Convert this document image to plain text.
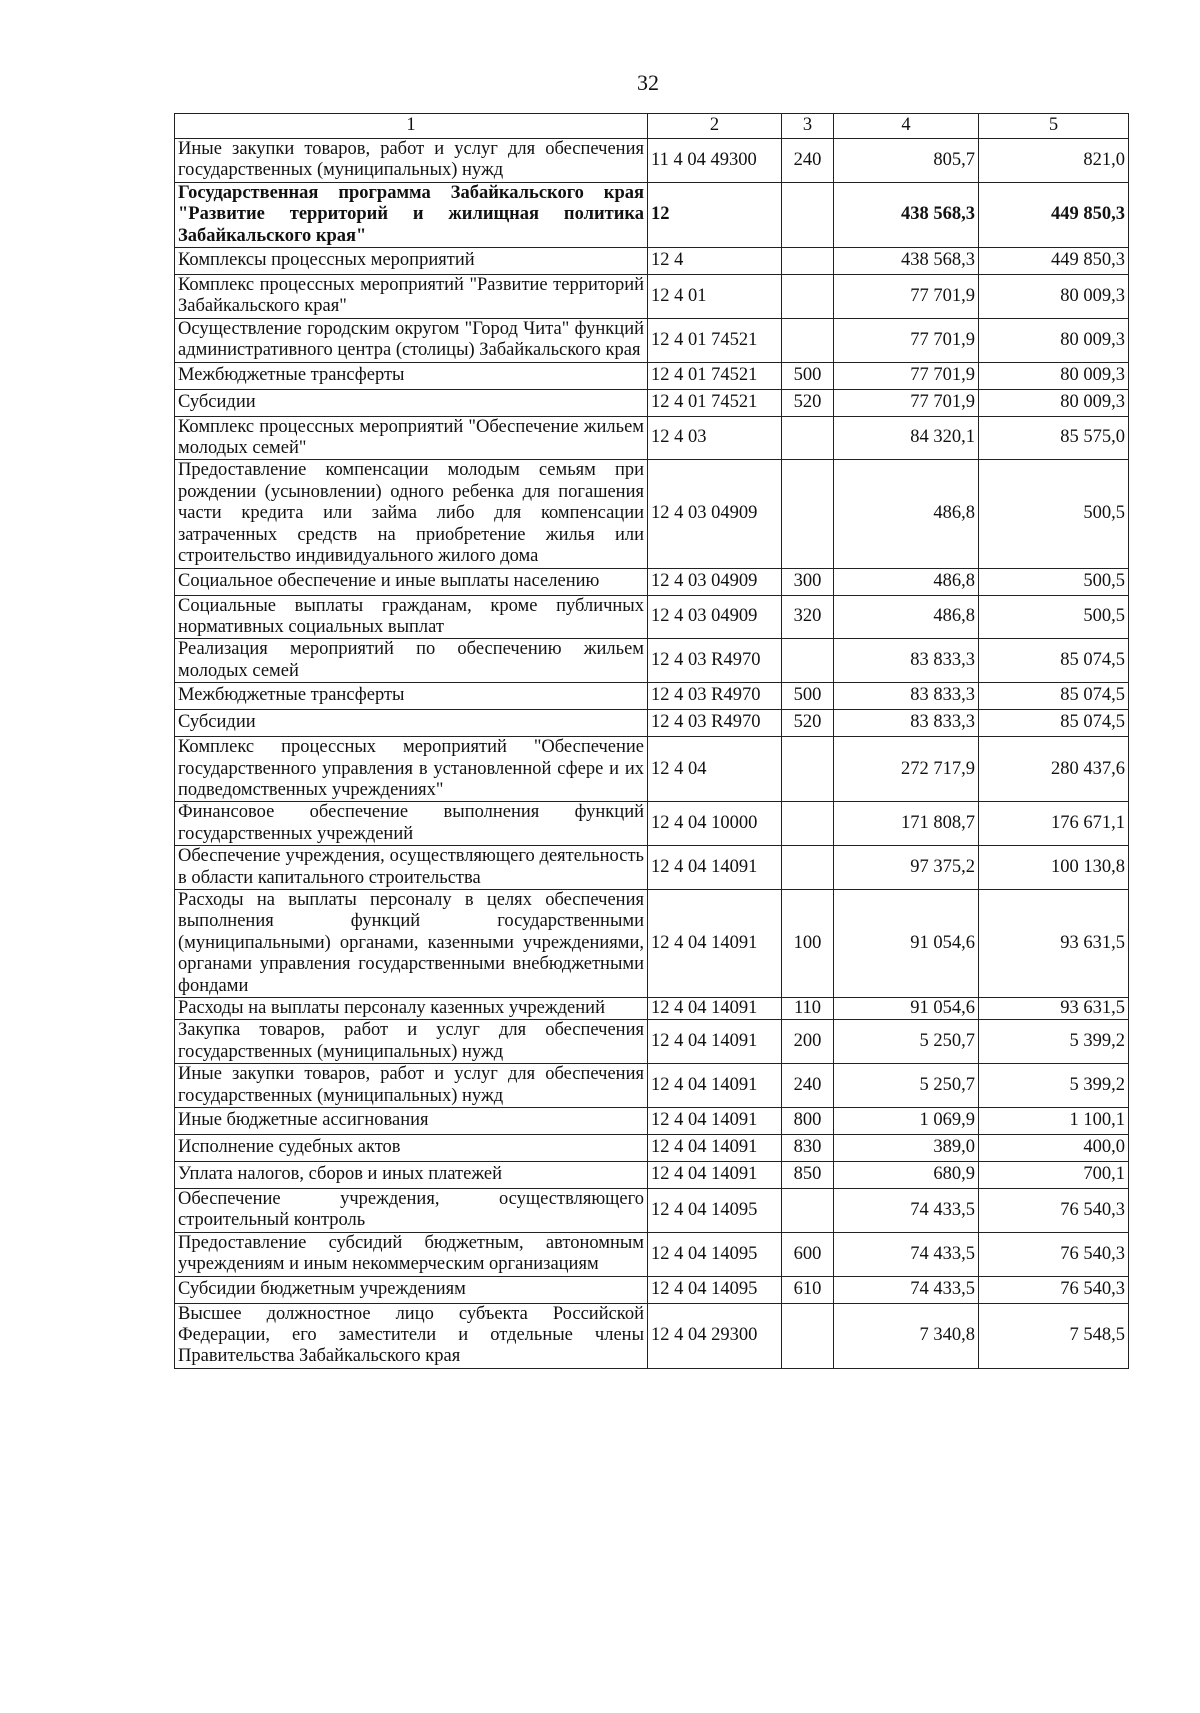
32
1	2	3	4	5
Иные закупки товаров, работ и услуг для обеспечения государственных (муниципальных) нужд	11 4 04 49300	240	805,7	821,0
Государственная программа Забайкальского края "Развитие территорий и жилищная политика Забайкальского края"	12		438 568,3	449 850,3
Комплексы процессных мероприятий	12 4		438 568,3	449 850,3
Комплекс процессных мероприятий "Развитие территорий Забайкальского края"	12 4 01		77 701,9	80 009,3
Осуществление городским округом "Город Чита" функций административного центра (столицы) Забайкальского края	12 4 01 74521		77 701,9	80 009,3
Межбюджетные трансферты	12 4 01 74521	500	77 701,9	80 009,3
Субсидии	12 4 01 74521	520	77 701,9	80 009,3
Комплекс процессных мероприятий "Обеспечение жильем молодых семей"	12 4 03		84 320,1	85 575,0
Предоставление компенсации молодым семьям при рождении (усыновлении) одного ребенка для погашения части кредита или займа либо для компенсации затраченных средств на приобретение жилья или строительство индивидуального жилого дома	12 4 03 04909		486,8	500,5
Социальное обеспечение и иные выплаты населению	12 4 03 04909	300	486,8	500,5
Социальные выплаты гражданам, кроме публичных нормативных социальных выплат	12 4 03 04909	320	486,8	500,5
Реализация мероприятий по обеспечению жильем молодых семей	12 4 03 R4970		83 833,3	85 074,5
Межбюджетные трансферты	12 4 03 R4970	500	83 833,3	85 074,5
Субсидии	12 4 03 R4970	520	83 833,3	85 074,5
Комплекс процессных мероприятий "Обеспечение государственного управления в установленной сфере и их подведомственных учреждениях"	12 4 04		272 717,9	280 437,6
Финансовое обеспечение выполнения функций государственных учреждений	12 4 04 10000		171 808,7	176 671,1
Обеспечение учреждения, осуществляющего деятельность в области капитального строительства	12 4 04 14091		97 375,2	100 130,8
Расходы на выплаты персоналу в целях обеспечения выполнения функций государственными (муниципальными) органами, казенными учреждениями, органами управления государственными внебюджетными фондами	12 4 04 14091	100	91 054,6	93 631,5
Расходы на выплаты персоналу казенных учреждений	12 4 04 14091	110	91 054,6	93 631,5
Закупка товаров, работ и услуг для обеспечения государственных (муниципальных) нужд	12 4 04 14091	200	5 250,7	5 399,2
Иные закупки товаров, работ и услуг для обеспечения государственных (муниципальных) нужд	12 4 04 14091	240	5 250,7	5 399,2
Иные бюджетные ассигнования	12 4 04 14091	800	1 069,9	1 100,1
Исполнение судебных актов	12 4 04 14091	830	389,0	400,0
Уплата налогов, сборов и иных платежей	12 4 04 14091	850	680,9	700,1
Обеспечение учреждения, осуществляющего строительный контроль	12 4 04 14095		74 433,5	76 540,3
Предоставление субсидий бюджетным, автономным учреждениям и иным некоммерческим организациям	12 4 04 14095	600	74 433,5	76 540,3
Субсидии бюджетным учреждениям	12 4 04 14095	610	74 433,5	76 540,3
Высшее должностное лицо субъекта Российской Федерации, его заместители и отдельные члены Правительства Забайкальского края	12 4 04 29300		7 340,8	7 548,5
